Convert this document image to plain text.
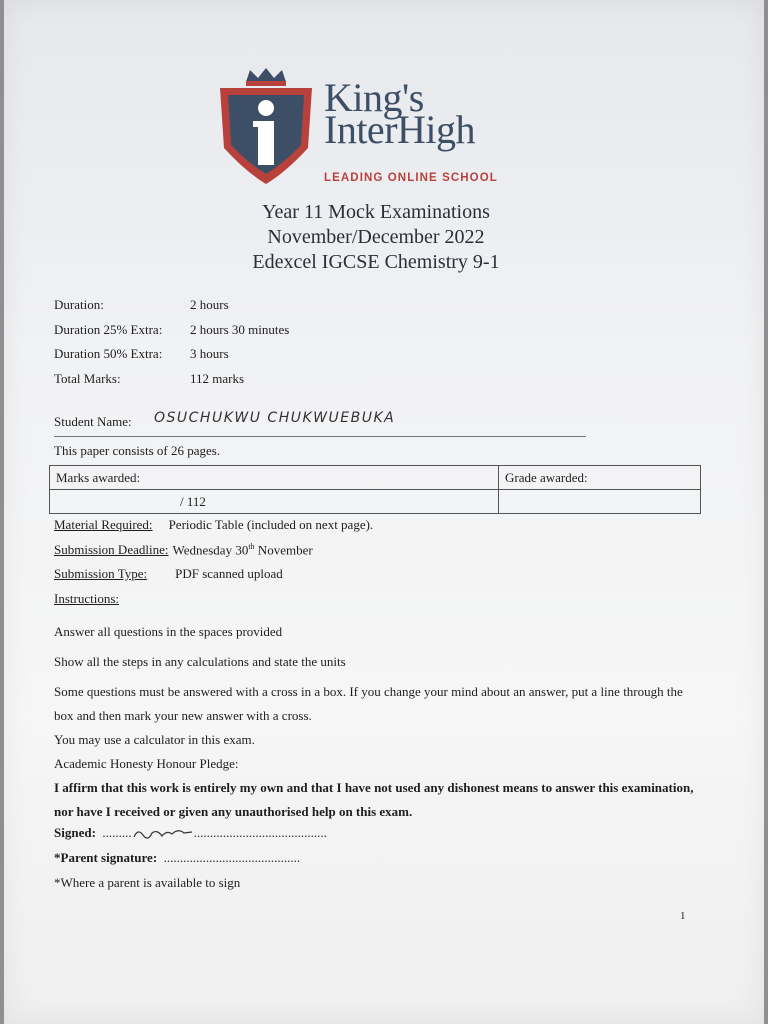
King's
InterHigh
LEADING ONLINE SCHOOL
Year 11 Mock Examinations
November/December 2022
Edexcel IGCSE Chemistry 9-1
Duration:	2 hours
Duration 25% Extra:	2 hours 30 minutes
Duration 50% Extra:	3 hours
Total Marks:	112 marks
Student Name: OSUCHUKWU CHUKWUEBUKA
This paper consists of 26 pages.
Marks awarded:	Grade awarded:
/ 112	
Material Required: Periodic Table (included on next page).
Submission Deadline: Wednesday 30th November
Submission Type: PDF scanned upload
Instructions:
Answer all questions in the spaces provided
Show all the steps in any calculations and state the units
Some questions must be answered with a cross in a box. If you change your mind about an answer, put a line through the box and then mark your new answer with a cross.
You may use a calculator in this exam.
Academic Honesty Honour Pledge:
I affirm that this work is entirely my own and that I have not used any dishonest means to answer this examination, nor have I received or given any unauthorised help on this exam.
Signed:  .........	.........................................
*Parent signature:  ..........................................
*Where a parent is available to sign
1
